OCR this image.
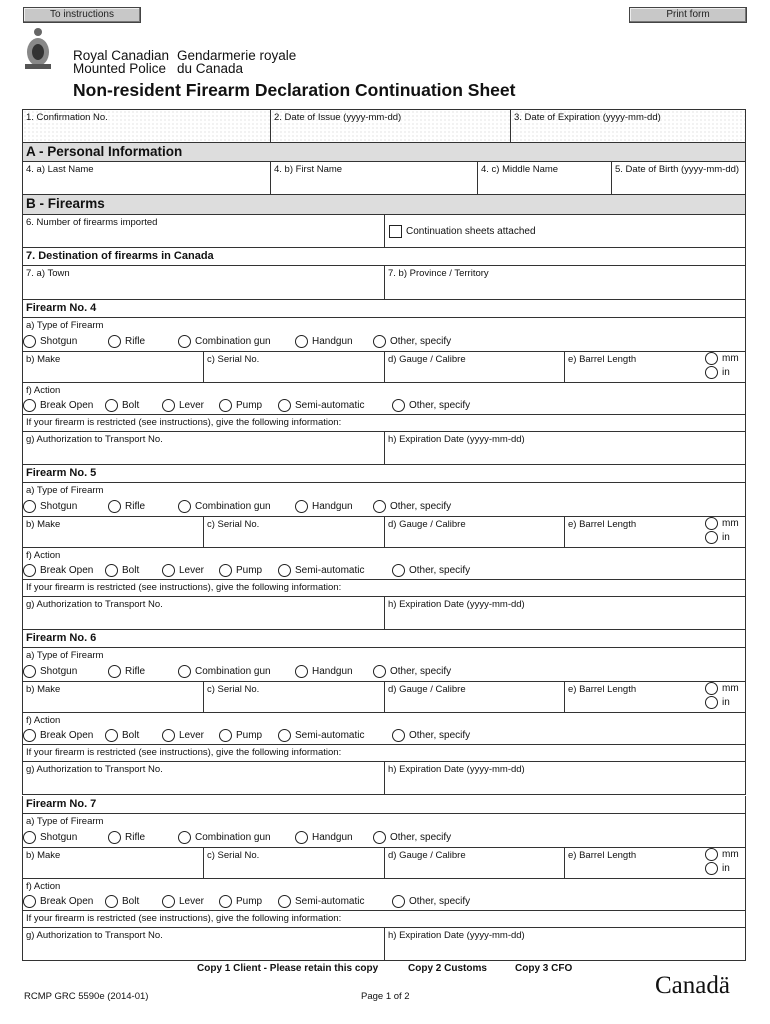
To instructions	Print form
Royal Canadian
Mounted Police
Gendarmerie royale
du Canada
Non-resident Firearm Declaration Continuation Sheet
1. Confirmation No.	2. Date of Issue (yyyy-mm-dd)	3. Date of Expiration (yyyy-mm-dd)
A - Personal Information
4. a) Last Name	4. b) First Name	4. c) Middle Name	5. Date of Birth (yyyy-mm-dd)
B - Firearms
6. Number of firearms imported
Continuation sheets attached
7. Destination of firearms in Canada
7. a) Town	7. b) Province / Territory
Firearm No. 4
a) Type of Firearm
Shotgun	Rifle	Combination gun	Handgun	Other, specify
b) Make	c) Serial No.	d) Gauge / Calibre	e) Barrel Length	mm
in
f) Action
Break Open	Bolt	Lever	Pump	Semi-automatic	Other, specify
If your firearm is restricted (see instructions), give the following information:
g) Authorization to Transport No.	h) Expiration Date (yyyy-mm-dd)
Firearm No. 5
a) Type of Firearm
Shotgun	Rifle	Combination gun	Handgun	Other, specify
b) Make	c) Serial No.	d) Gauge / Calibre	e) Barrel Length	mm
in
f) Action
Break Open	Bolt	Lever	Pump	Semi-automatic	Other, specify
If your firearm is restricted (see instructions), give the following information:
g) Authorization to Transport No.	h) Expiration Date (yyyy-mm-dd)
Firearm No. 6
a) Type of Firearm
Shotgun	Rifle	Combination gun	Handgun	Other, specify
b) Make	c) Serial No.	d) Gauge / Calibre	e) Barrel Length	mm
in
f) Action
Break Open	Bolt	Lever	Pump	Semi-automatic	Other, specify
If your firearm is restricted (see instructions), give the following information:
g) Authorization to Transport No.	h) Expiration Date (yyyy-mm-dd)
Firearm No. 7
a) Type of Firearm
Shotgun	Rifle	Combination gun	Handgun	Other, specify
b) Make	c) Serial No.	d) Gauge / Calibre	e) Barrel Length	mm
in
f) Action
Break Open	Bolt	Lever	Pump	Semi-automatic	Other, specify
If your firearm is restricted (see instructions), give the following information:
g) Authorization to Transport No.	h) Expiration Date (yyyy-mm-dd)
Copy 1 Client - Please retain this copy	Copy 2 Customs	Copy 3 CFO
RCMP GRC 5590e (2014-01)	Page 1 of 2	Canadä
